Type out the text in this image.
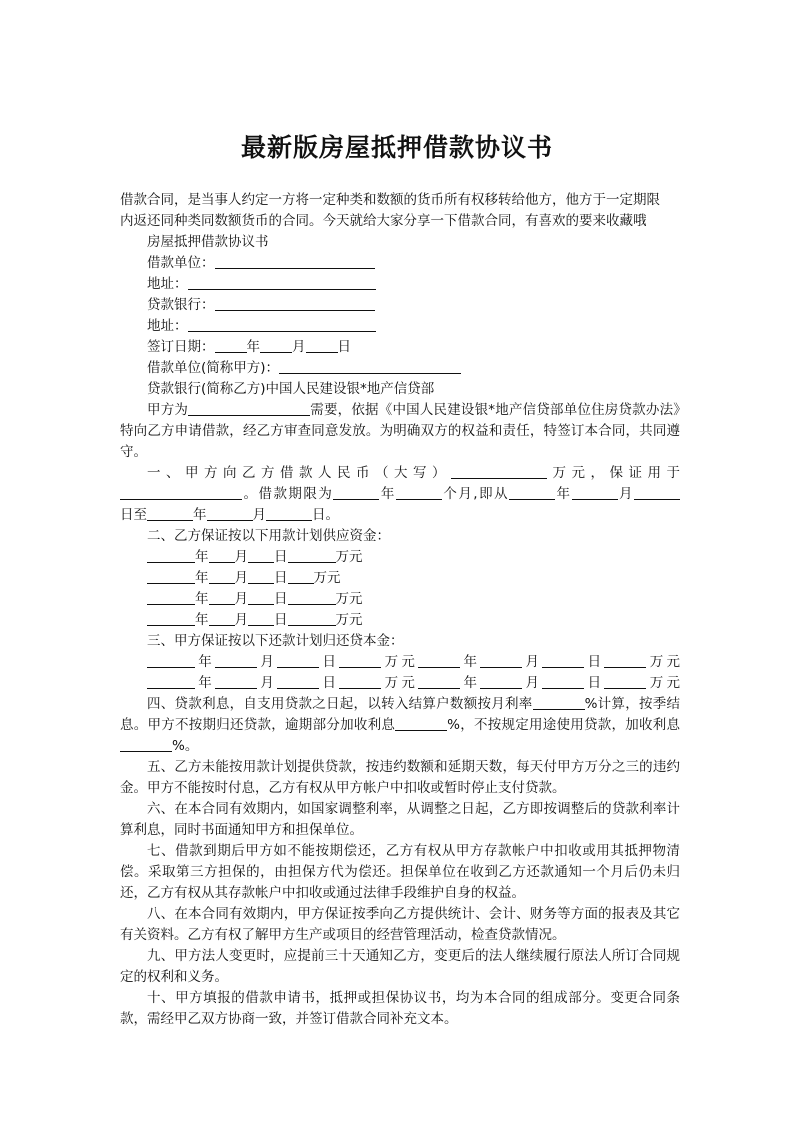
最新版房屋抵押借款协议书
借款合同，是当事人约定一方将一定种类和数额的货币所有权移转给他方，他方于一定期限
内返还同种类同数额货币的合同。今天就给大家分享一下借款合同，有喜欢的要来收藏哦
房屋抵押借款协议书
借款单位：
地址：
贷款银行：
地址：
签订日期： 年 月 日
借款单位(简称甲方)：
贷款银行(简称乙方)中国人民建设银*地产信贷部
甲方为	需要，依据《中国人民建设银*地产信贷部单位住房贷款办法》特向乙方申请借款，经乙方审查同意发放。为明确双方的权益和责任，特签订本合同，共同遵守。
一、甲方向乙方借款人民币（大写）	万元，保证用于
。借款期限为	年	个月,即从	年	月
日至	年	月	日。
二、乙方保证按以下用款计划供应资金：
年 月 日	万元
年 月 日 万元
年 月 日	万元
年 月 日	万元
三、甲方保证按以下还款计划归还贷本金：
年	月	日	万元	年	月	日	万元
年	月	日	万元	年	月	日	万元
四、贷款利息，自支用贷款之日起，以转入结算户数额按月利率	%计算，按季结息。甲方不按期归还贷款，逾期部分加收利息	%，不按规定用途使用贷款，加收利息%。
五、乙方未能按用款计划提供贷款，按违约数额和延期天数，每天付甲方万分之三的违约金。甲方不能按时付息，乙方有权从甲方帐户中扣收或暂时停止支付贷款。
六、在本合同有效期内，如国家调整利率，从调整之日起，乙方即按调整后的贷款利率计算利息，同时书面通知甲方和担保单位。
七、借款到期后甲方如不能按期偿还，乙方有权从甲方存款帐户中扣收或用其抵押物清偿。采取第三方担保的，由担保方代为偿还。担保单位在收到乙方还款通知一个月后仍未归还，乙方有权从其存款帐户中扣收或通过法律手段维护自身的权益。
八、在本合同有效期内，甲方保证按季向乙方提供统计、会计、财务等方面的报表及其它有关资料。乙方有权了解甲方生产或项目的经营管理活动，检查贷款情况。
九、甲方法人变更时，应提前三十天通知乙方，变更后的法人继续履行原法人所订合同规定的权利和义务。
十、甲方填报的借款申请书，抵押或担保协议书，均为本合同的组成部分。变更合同条款，需经甲乙双方协商一致，并签订借款合同补充文本。
